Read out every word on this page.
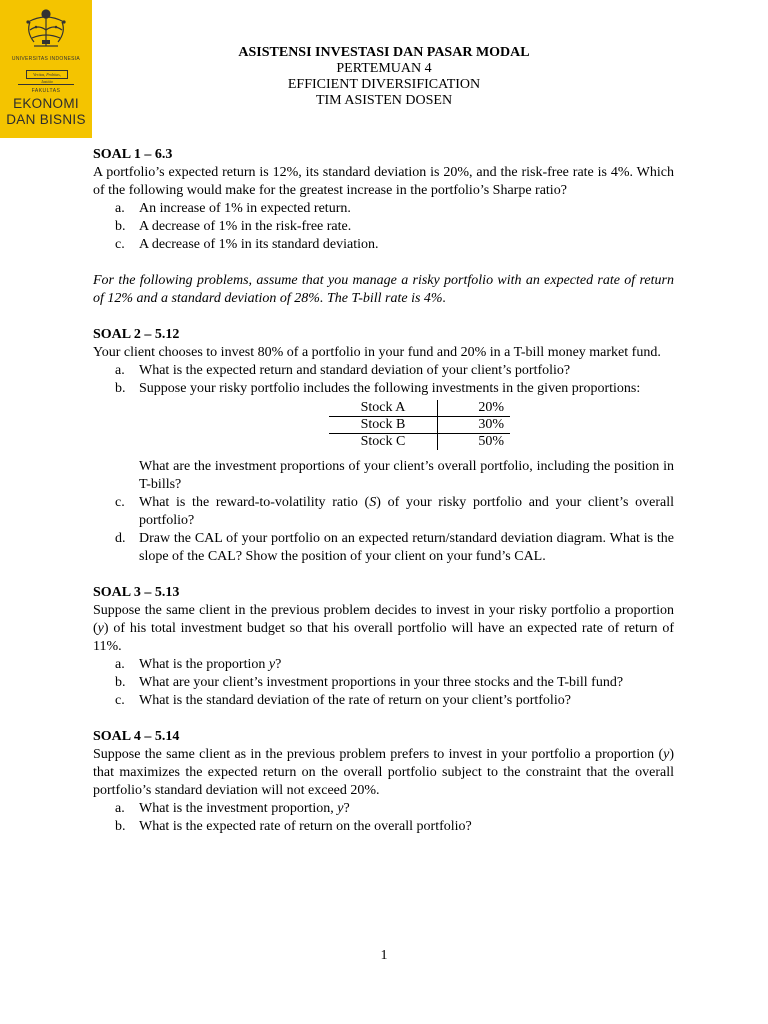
UNIVERSITAS INDONESIA
Veritas, Probitas, Iustitia
FAKULTAS
EKONOMI
DAN BISNIS
ASISTENSI INVESTASI DAN PASAR MODAL
PERTEMUAN 4
EFFICIENT DIVERSIFICATION
TIM ASISTEN DOSEN

SOAL 1 – 6.3

A portfolio’s expected return is 12%, its standard deviation is 20%, and the risk-free rate is 4%. Which of the following would make for the greatest increase in the portfolio’s Sharpe ratio?

a. An increase of 1% in expected return.
b. A decrease of 1% in the risk-free rate.
c. A decrease of 1% in its standard deviation.

For the following problems, assume that you manage a risky portfolio with an expected rate of return of 12% and a standard deviation of 28%. The T-bill rate is 4%.

SOAL 2 – 5.12

Your client chooses to invest 80% of a portfolio in your fund and 20% in a T-bill money market fund.

a. What is the expected return and standard deviation of your client’s portfolio?
b. Suppose your risky portfolio includes the following investments in the given proportions:
Stock A	20%
Stock B	30%
Stock C	50%
What are the investment proportions of your client’s overall portfolio, including the position in T-bills?
c. What is the reward-to-volatility ratio (S) of your risky portfolio and your client’s overall portfolio?
d. Draw the CAL of your portfolio on an expected return/standard deviation diagram. What is the slope of the CAL? Show the position of your client on your fund’s CAL.

SOAL 3 – 5.13

Suppose the same client in the previous problem decides to invest in your risky portfolio a proportion (y) of his total investment budget so that his overall portfolio will have an expected rate of return of 11%.

a. What is the proportion y?
b. What are your client’s investment proportions in your three stocks and the T-bill fund?
c. What is the standard deviation of the rate of return on your client’s portfolio?

SOAL 4 – 5.14

Suppose the same client as in the previous problem prefers to invest in your portfolio a proportion (y) that maximizes the expected return on the overall portfolio subject to the constraint that the overall portfolio’s standard deviation will not exceed 20%.

a. What is the investment proportion, y?
b. What is the expected rate of return on the overall portfolio?
1
